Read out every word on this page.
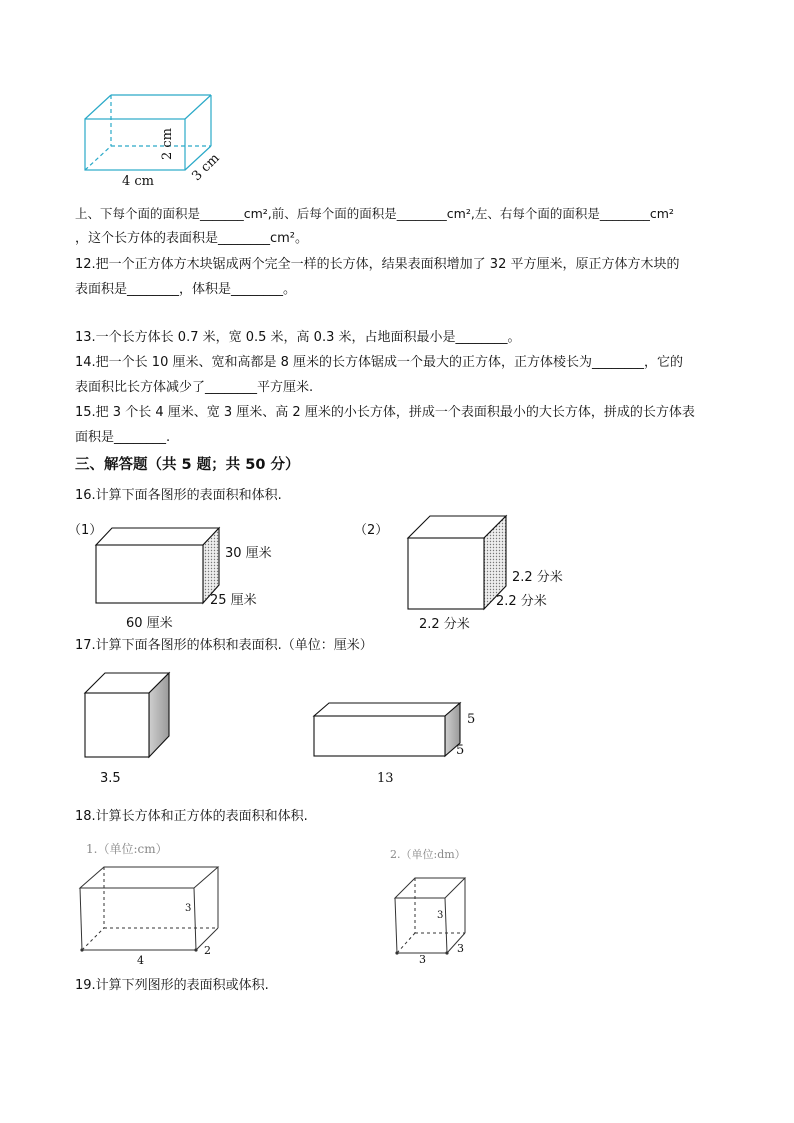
2 cm
3 cm
4 cm
上、下每个面的面积是_______cm²,前、后每个面的面积是________cm²,左、右每个面的面积是________cm²
，这个长方体的表面积是________cm²。
12.把一个正方体方木块锯成两个完全一样的长方体，结果表面积增加了 32 平方厘米，原正方体方木块的
表面积是________，体积是________。
13.一个长方体长 0.7 米，宽 0.5 米，高 0.3 米，占地面积最小是________。
14.把一个长 10 厘米、宽和高都是 8 厘米的长方体锯成一个最大的正方体，正方体棱长为________，它的
表面积比长方体减少了________平方厘米.
15.把 3 个长 4 厘米、宽 3 厘米、高 2 厘米的小长方体，拼成一个表面积最小的大长方体，拼成的长方体表
面积是________.
三、解答题（共 5 题；共 50 分）
16.计算下面各图形的表面积和体积.
（1）
30 厘米
25 厘米
60 厘米
（2）
2.2 分米
2.2 分米
2.2 分米
17.计算下面各图形的体积和表面积.（单位：厘米）
3.5
5
5
13
18.计算长方体和正方体的表面积和体积.
1.（单位:cm）
3
2
4
2.（单位:dm）
3
3
3
19.计算下列图形的表面积或体积.
